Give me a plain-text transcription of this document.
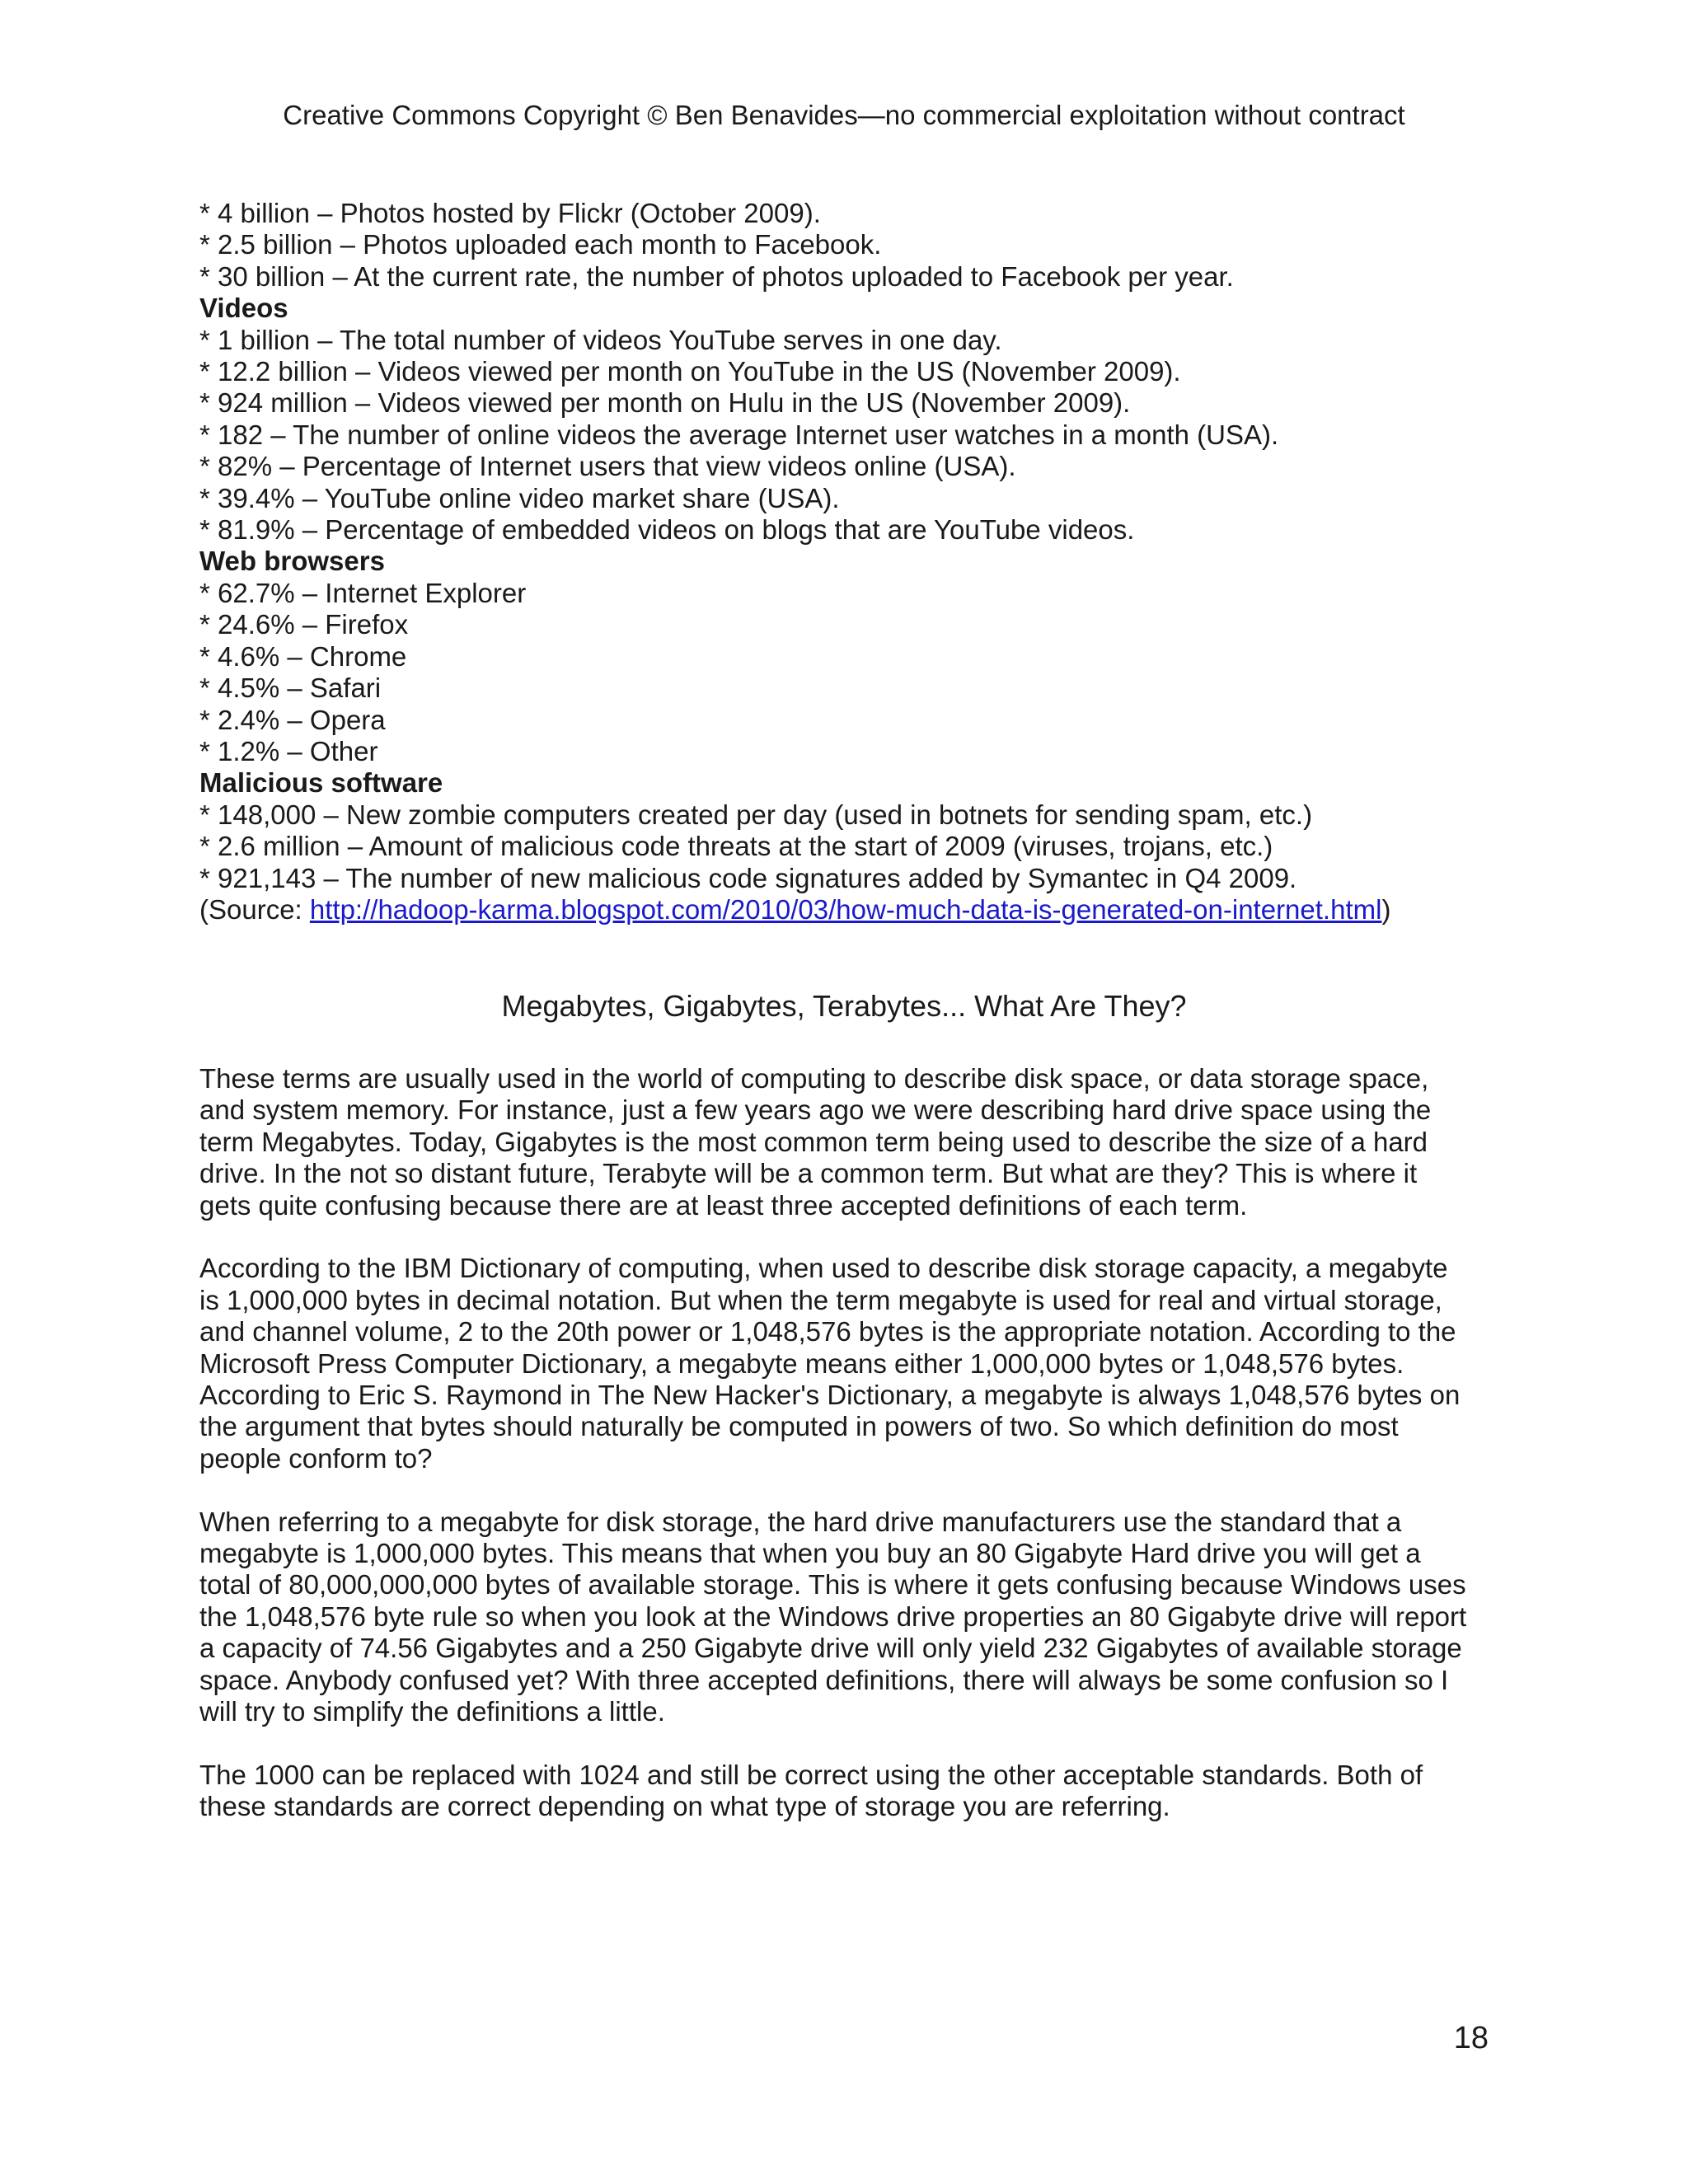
Creative Commons Copyright © Ben Benavides—no commercial exploitation without contract
* 4 billion – Photos hosted by Flickr (October 2009).
* 2.5 billion – Photos uploaded each month to Facebook.
* 30 billion – At the current rate, the number of photos uploaded to Facebook per year.
Videos
* 1 billion – The total number of videos YouTube serves in one day.
* 12.2 billion – Videos viewed per month on YouTube in the US (November 2009).
* 924 million – Videos viewed per month on Hulu in the US (November 2009).
* 182 – The number of online videos the average Internet user watches in a month (USA).
* 82% – Percentage of Internet users that view videos online (USA).
* 39.4% – YouTube online video market share (USA).
* 81.9% – Percentage of embedded videos on blogs that are YouTube videos.
Web browsers
* 62.7% – Internet Explorer
* 24.6% – Firefox
* 4.6% – Chrome
* 4.5% – Safari
* 2.4% – Opera
* 1.2% – Other
Malicious software
* 148,000 – New zombie computers created per day (used in botnets for sending spam, etc.)
* 2.6 million – Amount of malicious code threats at the start of 2009 (viruses, trojans, etc.)
* 921,143 – The number of new malicious code signatures added by Symantec in Q4 2009.
(Source: http://hadoop-karma.blogspot.com/2010/03/how-much-data-is-generated-on-internet.html)
Megabytes, Gigabytes, Terabytes... What Are They?
These terms are usually used in the world of computing to describe disk space, or data storage space,
and system memory. For instance, just a few years ago we were describing hard drive space using the
term Megabytes. Today, Gigabytes is the most common term being used to describe the size of a hard
drive. In the not so distant future, Terabyte will be a common term. But what are they? This is where it
gets quite confusing because there are at least three accepted definitions of each term.
According to the IBM Dictionary of computing, when used to describe disk storage capacity, a megabyte
is 1,000,000 bytes in decimal notation. But when the term megabyte is used for real and virtual storage,
and channel volume, 2 to the 20th power or 1,048,576 bytes is the appropriate notation. According to the
Microsoft Press Computer Dictionary, a megabyte means either 1,000,000 bytes or 1,048,576 bytes.
According to Eric S. Raymond in The New Hacker's Dictionary, a megabyte is always 1,048,576 bytes on
the argument that bytes should naturally be computed in powers of two. So which definition do most
people conform to?
When referring to a megabyte for disk storage, the hard drive manufacturers use the standard that a
megabyte is 1,000,000 bytes. This means that when you buy an 80 Gigabyte Hard drive you will get a
total of 80,000,000,000 bytes of available storage. This is where it gets confusing because Windows uses
the 1,048,576 byte rule so when you look at the Windows drive properties an 80 Gigabyte drive will report
a capacity of 74.56 Gigabytes and a 250 Gigabyte drive will only yield 232 Gigabytes of available storage
space. Anybody confused yet? With three accepted definitions, there will always be some confusion so I
will try to simplify the definitions a little.
The 1000 can be replaced with 1024 and still be correct using the other acceptable standards. Both of
these standards are correct depending on what type of storage you are referring.
18
